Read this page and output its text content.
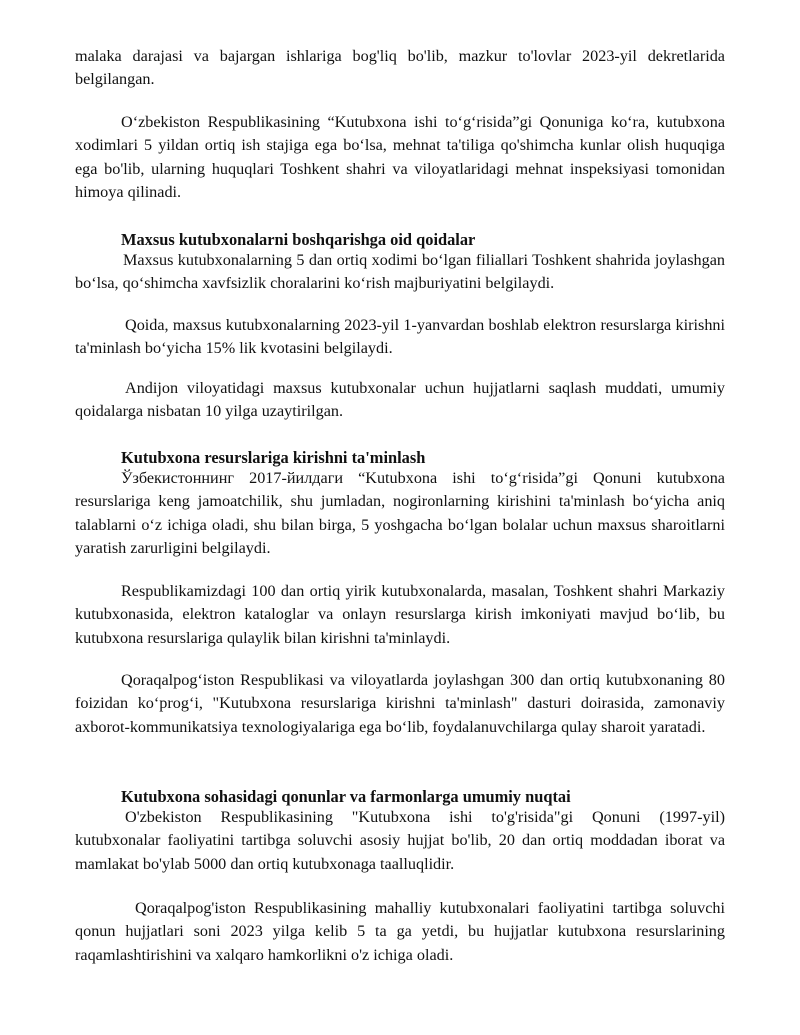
malaka darajasi va bajargan ishlariga bog'liq bo'lib, mazkur to'lovlar 2023-yil dekretlarida belgilangan.

Oʻzbekiston Respublikasining “Kutubxona ishi toʻgʻrisida”gi Qonuniga koʻra, kutubxona xodimlari 5 yildan ortiq ish stajiga ega boʻlsa, mehnat ta'tiliga qo'shimcha kunlar olish huquqiga ega bo'lib, ularning huquqlari Toshkent shahri va viloyatlaridagi mehnat inspeksiyasi tomonidan himoya qilinadi.

Maxsus kutubxonalarni boshqarishga oid qoidalar

Maxsus kutubxonalarning 5 dan ortiq xodimi boʻlgan filiallari Toshkent shahrida joylashgan boʻlsa, qoʻshimcha xavfsizlik choralarini koʻrish majburiyatini belgilaydi.

Qoida, maxsus kutubxonalarning 2023-yil 1-yanvardan boshlab elektron resurslarga kirishni ta'minlash boʻyicha 15% lik kvotasini belgilaydi.

Andijon viloyatidagi maxsus kutubxonalar uchun hujjatlarni saqlash muddati, umumiy qoidalarga nisbatan 10 yilga uzaytirilgan.

Kutubxona resurslariga kirishni ta'minlash

Ўзбекистоннинг 2017-йилдаги “Kutubxona ishi toʻgʻrisida”gi Qonuni kutubxona resurslariga keng jamoatchilik, shu jumladan, nogironlarning kirishini ta'minlash boʻyicha aniq talablarni oʻz ichiga oladi, shu bilan birga, 5 yoshgacha boʻlgan bolalar uchun maxsus sharoitlarni yaratish zarurligini belgilaydi.

Respublikamizdagi 100 dan ortiq yirik kutubxonalarda, masalan, Toshkent shahri Markaziy kutubxonasida, elektron kataloglar va onlayn resurslarga kirish imkoniyati mavjud boʻlib, bu kutubxona resurslariga qulaylik bilan kirishni ta'minlaydi.

Qoraqalpogʻiston Respublikasi va viloyatlarda joylashgan 300 dan ortiq kutubxonaning 80 foizidan koʻprogʻi, "Kutubxona resurslariga kirishni ta'minlash" dasturi doirasida, zamonaviy axborot-kommunikatsiya texnologiyalariga ega boʻlib, foydalanuvchilarga qulay sharoit yaratadi.

Kutubxona sohasidagi qonunlar va farmonlarga umumiy nuqtai

O'zbekiston Respublikasining "Kutubxona ishi to'g'risida"gi Qonuni (1997-yil) kutubxonalar faoliyatini tartibga soluvchi asosiy hujjat bo'lib, 20 dan ortiq moddadan iborat va mamlakat bo'ylab 5000 dan ortiq kutubxonaga taalluqlidir.

Qoraqalpog'iston Respublikasining mahalliy kutubxonalari faoliyatini tartibga soluvchi qonun hujjatlari soni 2023 yilga kelib 5 ta ga yetdi, bu hujjatlar kutubxona resurslarining raqamlashtirishini va xalqaro hamkorlikni o'z ichiga oladi.
